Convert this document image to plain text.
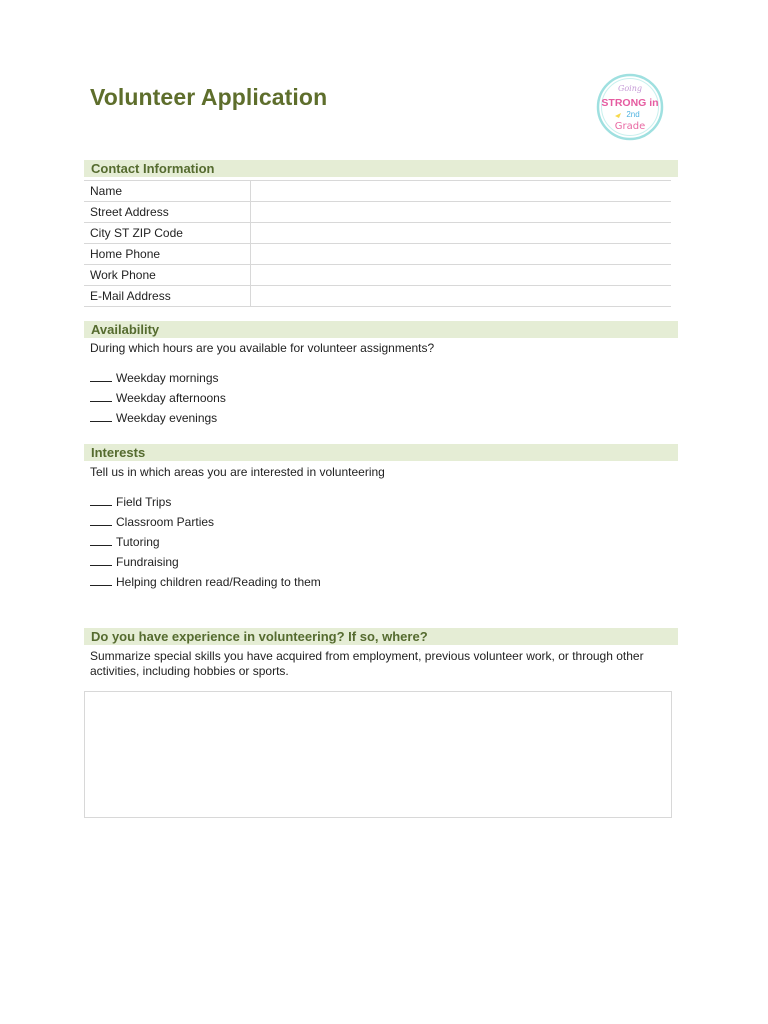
Volunteer Application	Going
STRONG in
2nd
Grade
Contact Information
Name	
Street Address	
City ST ZIP Code	
Home Phone	
Work Phone	
E-Mail Address	
Availability
During which hours are you available for volunteer assignments?
Weekday mornings
Weekday afternoons
Weekday evenings
Interests
Tell us in which areas you are interested in volunteering
Field Trips
Classroom Parties
Tutoring
Fundraising
Helping children read/Reading to them
Do you have experience in volunteering? If so, where?
Summarize special skills you have acquired from employment, previous volunteer work, or through other
activities, including hobbies or sports.
